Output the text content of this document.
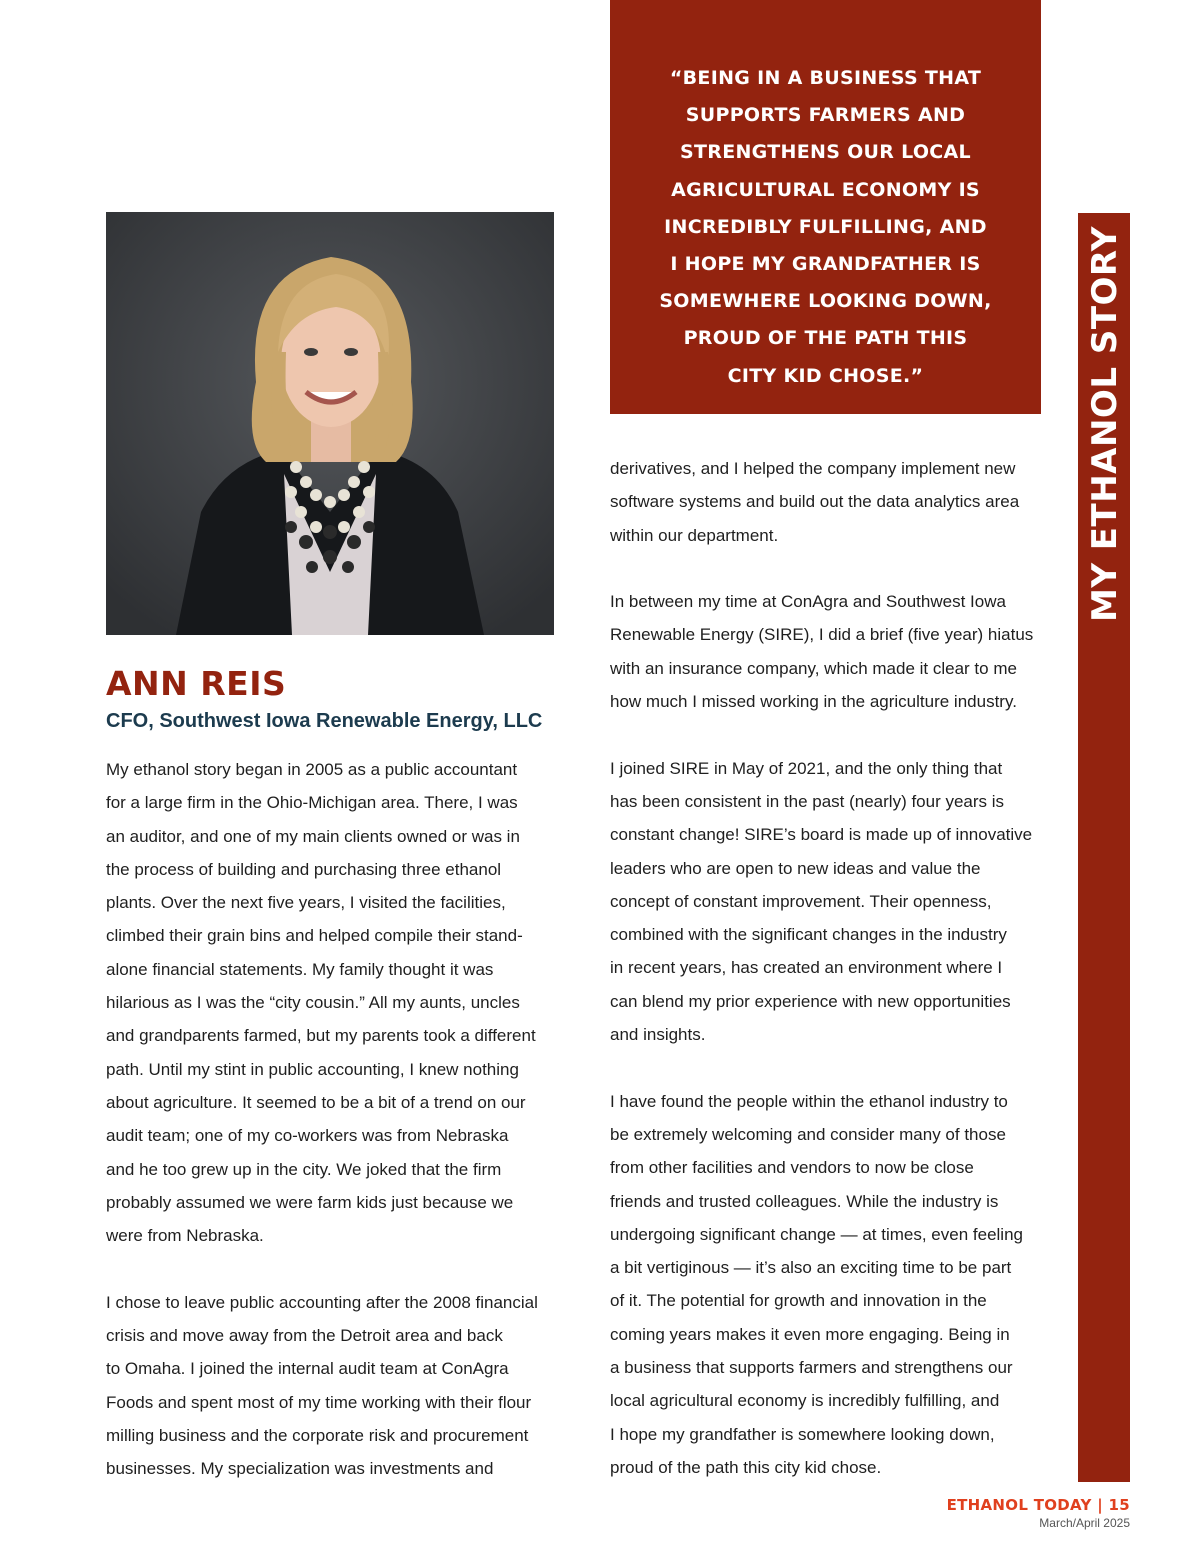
“BEING IN A BUSINESS THAT
SUPPORTS FARMERS AND
STRENGTHENS OUR LOCAL
AGRICULTURAL ECONOMY IS
INCREDIBLY FULFILLING, AND
I HOPE MY GRANDFATHER IS
SOMEWHERE LOOKING DOWN,
PROUD OF THE PATH THIS
CITY KID CHOSE.”	MY ETHANOL STORY
ANN REIS

CFO, Southwest Iowa Renewable Energy, LLC

My ethanol story began in 2005 as a public accountant
for a large firm in the Ohio-Michigan area. There, I was
an auditor, and one of my main clients owned or was in
the process of building and purchasing three ethanol
plants. Over the next five years, I visited the facilities,
climbed their grain bins and helped compile their stand-
alone financial statements. My family thought it was
hilarious as I was the “city cousin.” All my aunts, uncles
and grandparents farmed, but my parents took a different
path. Until my stint in public accounting, I knew nothing
about agriculture. It seemed to be a bit of a trend on our
audit team; one of my co-workers was from Nebraska
and he too grew up in the city. We joked that the firm
probably assumed we were farm kids just because we
were from Nebraska.
I chose to leave public accounting after the 2008 financial
crisis and move away from the Detroit area and back
to Omaha. I joined the internal audit team at ConAgra
Foods and spent most of my time working with their flour
milling business and the corporate risk and procurement
businesses. My specialization was investments and
derivatives, and I helped the company implement new
software systems and build out the data analytics area
within our department.
In between my time at ConAgra and Southwest Iowa
Renewable Energy (SIRE), I did a brief (five year) hiatus
with an insurance company, which made it clear to me
how much I missed working in the agriculture industry.
I joined SIRE in May of 2021, and the only thing that
has been consistent in the past (nearly) four years is
constant change! SIRE’s board is made up of innovative
leaders who are open to new ideas and value the
concept of constant improvement. Their openness,
combined with the significant changes in the industry
in recent years, has created an environment where I
can blend my prior experience with new opportunities
and insights.
I have found the people within the ethanol industry to
be extremely welcoming and consider many of those
from other facilities and vendors to now be close
friends and trusted colleagues. While the industry is
undergoing significant change — at times, even feeling
a bit vertiginous — it’s also an exciting time to be part
of it. The potential for growth and innovation in the
coming years makes it even more engaging. Being in
a business that supports farmers and strengthens our
local agricultural economy is incredibly fulfilling, and
I hope my grandfather is somewhere looking down,
proud of the path this city kid chose.

ETHANOL TODAY | 15

March/April 2025
